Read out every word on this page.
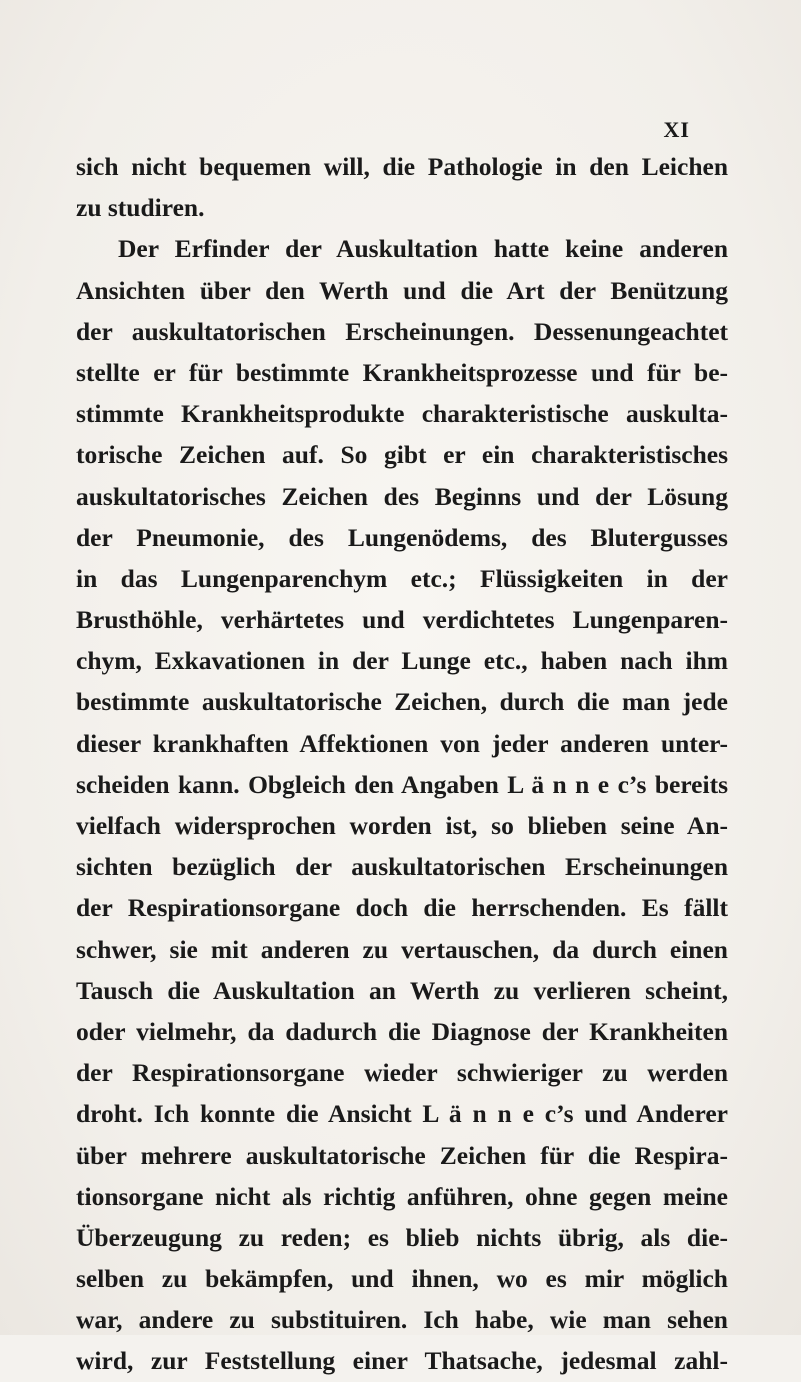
XI
sich nicht bequemen will, die Pathologie in den Leichen
zu studiren.
Der Erfinder der Auskultation hatte keine anderen
Ansichten über den Werth und die Art der Benützung
der auskultatorischen Erscheinungen. Dessenungeachtet
stellte er für bestimmte Krankheitsprozesse und für be-
stimmte Krankheitsprodukte charakteristische auskulta-
torische Zeichen auf. So gibt er ein charakteristisches
auskultatorisches Zeichen des Beginns und der Lösung
der Pneumonie, des Lungenödems, des Blutergusses
in das Lungenparenchym etc.; Flüssigkeiten in der
Brusthöhle, verhärtetes und verdichtetes Lungenparen-
chym, Exkavationen in der Lunge etc., haben nach ihm
bestimmte auskultatorische Zeichen, durch die man jede
dieser krankhaften Affektionen von jeder anderen unter-
scheiden kann. Obgleich den Angaben L ä n n e c’s bereits
vielfach widersprochen worden ist, so blieben seine An-
sichten bezüglich der auskultatorischen Erscheinungen
der Respirationsorgane doch die herrschenden. Es fällt
schwer, sie mit anderen zu vertauschen, da durch einen
Tausch die Auskultation an Werth zu verlieren scheint,
oder vielmehr, da dadurch die Diagnose der Krankheiten
der Respirationsorgane wieder schwieriger zu werden
droht. Ich konnte die Ansicht L ä n n e c’s und Anderer
über mehrere auskultatorische Zeichen für die Respira-
tionsorgane nicht als richtig anführen, ohne gegen meine
Überzeugung zu reden; es blieb nichts übrig, als die-
selben zu bekämpfen, und ihnen, wo es mir möglich
war, andere zu substituiren. Ich habe, wie man sehen
wird, zur Feststellung einer Thatsache, jedesmal zahl-
